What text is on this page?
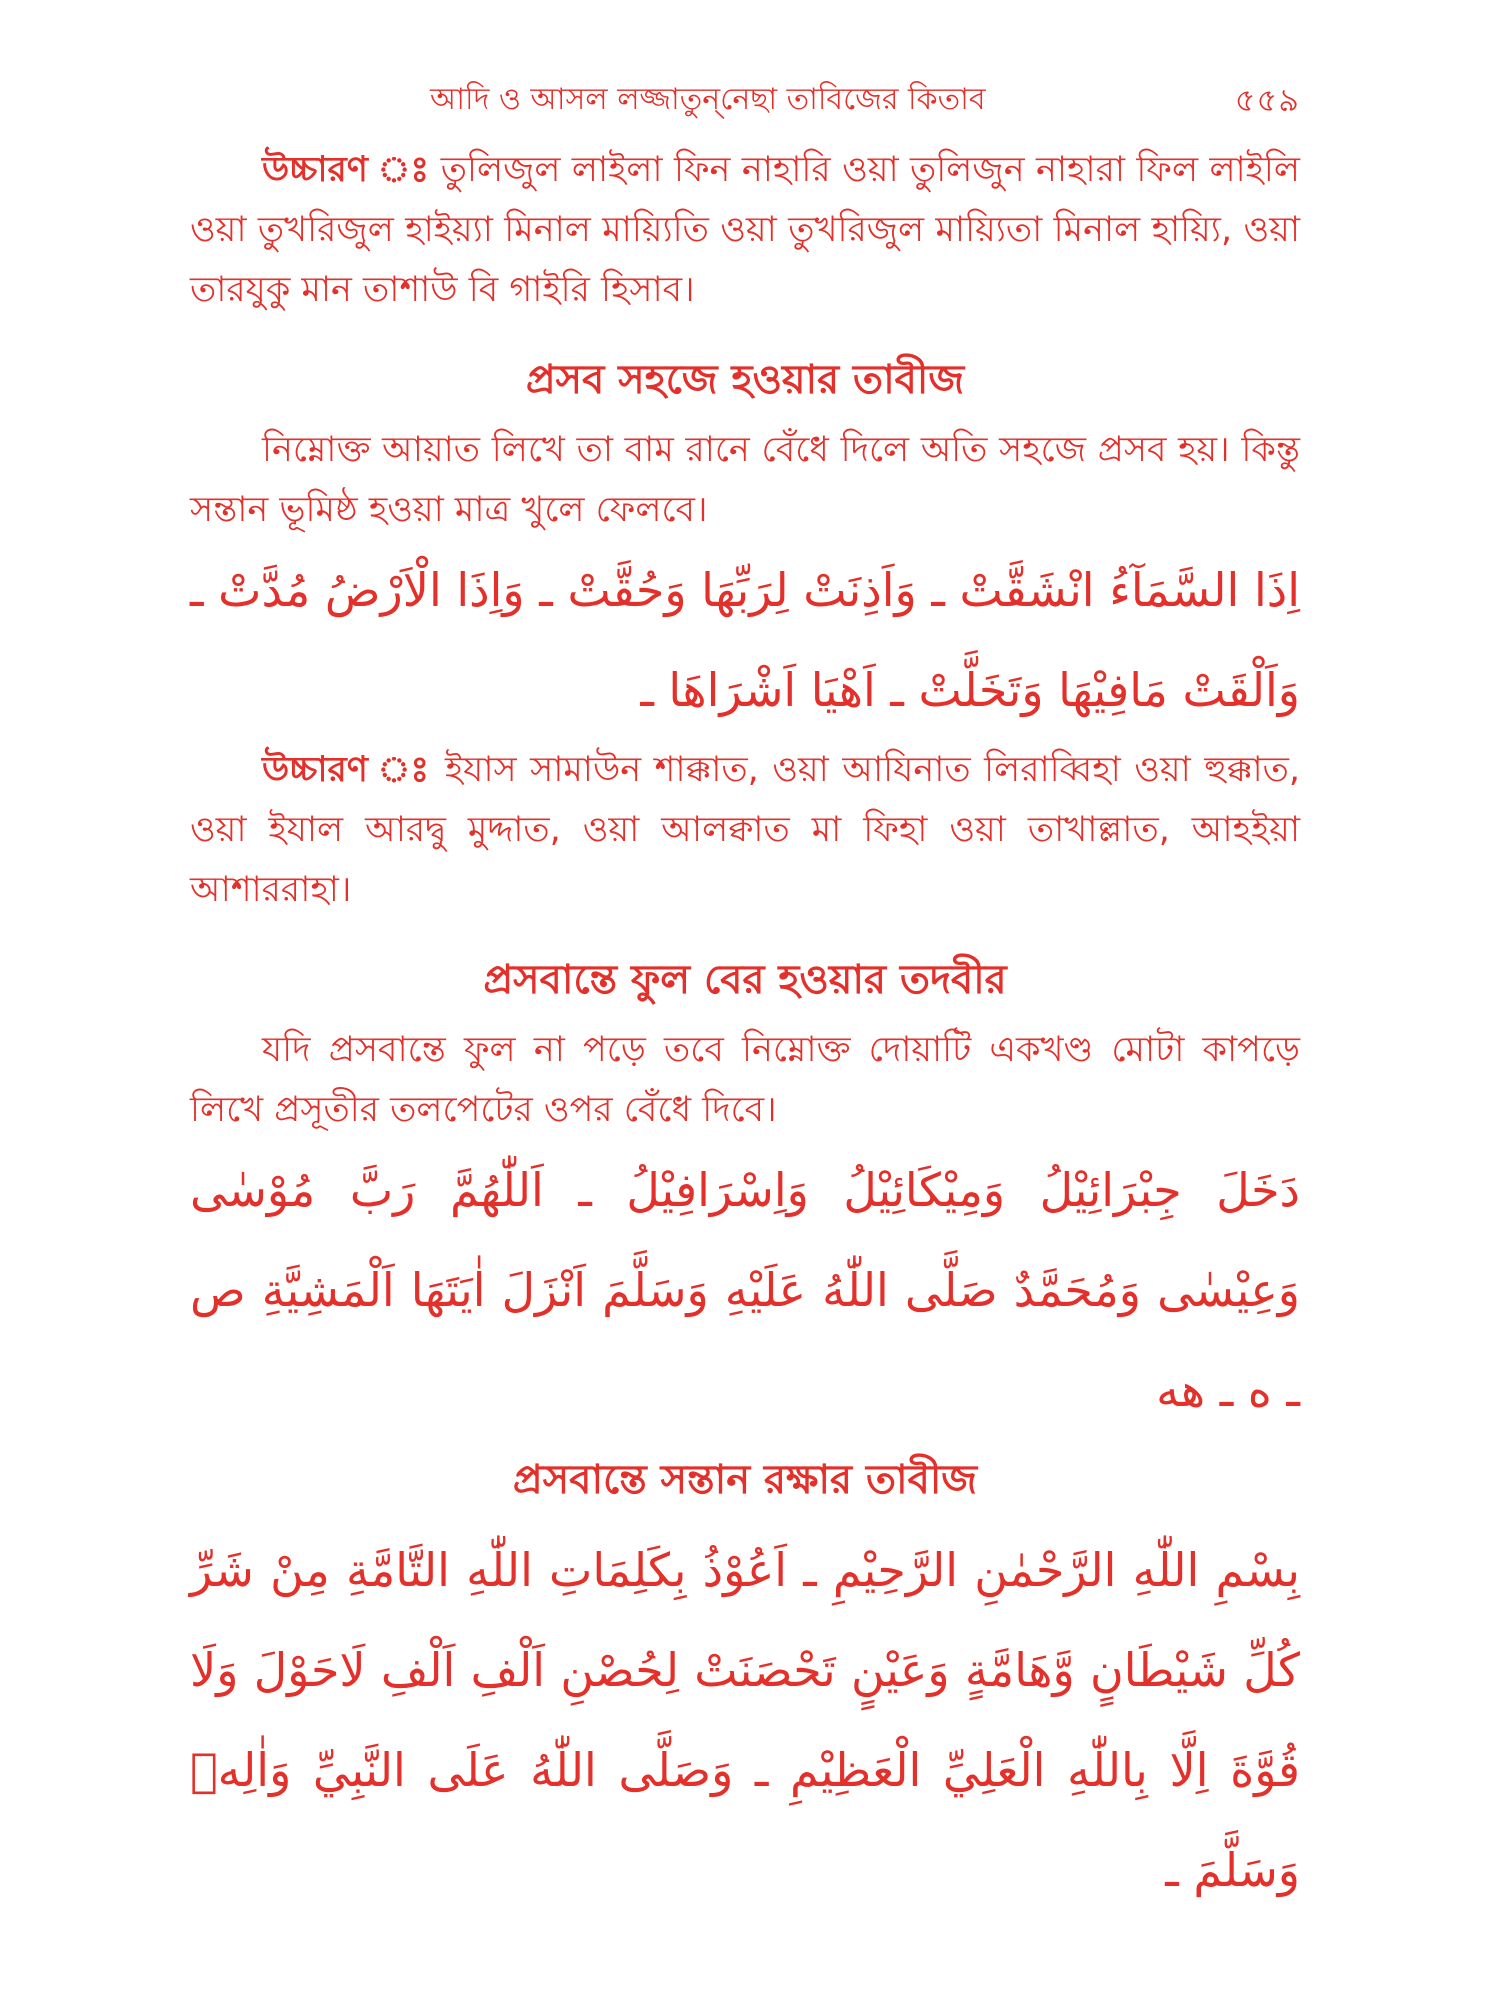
আদি ও আসল লজ্জাতুন্‌নেছা তাবিজের কিতাব	৫৫৯

উচ্চারণ ঃ তুলিজুল লাইলা ফিন নাহারি ওয়া তুলিজুন নাহারা ফিল লাইলি ওয়া তুখরিজুল হাইয়্যা মিনাল মায়্যিতি ওয়া তুখরিজুল মায়্যিতা মিনাল হায়্যি, ওয়া তারযুকু মান তাশাউ বি গাইরি হিসাব।

প্রসব সহজে হওয়ার তাবীজ

নিম্নোক্ত আয়াত লিখে তা বাম রানে বেঁধে দিলে অতি সহজে প্রসব হয়। কিন্তু সন্তান ভূমিষ্ঠ হওয়া মাত্র খুলে ফেলবে।

اِذَا السَّمَآءُ انْشَقَّتْ ـ وَاَذِنَتْ لِرَبِّهَا وَحُقَّتْ ـ وَاِذَا الْاَرْضُ مُدَّتْ ـ وَاَلْقَتْ مَافِيْهَا وَتَخَلَّتْ ـ اَهْيَا اَشْرَاهَا ـ

উচ্চারণ ঃ ইযাস সামাউন শাক্কাত, ওয়া আযিনাত লিরাব্বিহা ওয়া হুক্কাত, ওয়া ইযাল আরদ্বু মুদ্দাত, ওয়া আলক্বাত মা ফিহা ওয়া তাখাল্লাত, আহইয়া আশাররাহা।

প্রসবান্তে ফুল বের হওয়ার তদবীর

যদি প্রসবান্তে ফুল না পড়ে তবে নিম্নোক্ত দোয়াটি একখণ্ড মোটা কাপড়ে লিখে প্রসূতীর তলপেটের ওপর বেঁধে দিবে।

دَخَلَ جِبْرَائِيْلُ وَمِيْكَائِيْلُ وَاِسْرَافِيْلُ ـ اَللّٰهُمَّ رَبَّ مُوْسٰى وَعِيْسٰى وَمُحَمَّدٌ صَلَّى اللّٰهُ عَلَيْهِ وَسَلَّمَ اَنْزَلَ اٰيَتَهَا اَلْمَشِيَّةِ ص ـ ه ـ هه

প্রসবান্তে সন্তান রক্ষার তাবীজ

بِسْمِ اللّٰهِ الرَّحْمٰنِ الرَّحِيْمِ ـ اَعُوْذُ بِكَلِمَاتِ اللّٰهِ التَّامَّةِ مِنْ شَرِّ كُلِّ شَيْطَانٍ وَّهَامَّةٍ وَعَيْنٍ تَحْصَنَتْ لِحُصْنِ اَلْفِ اَلْفِ لَاحَوْلَ وَلَا قُوَّةَ اِلَّا بِاللّٰهِ الْعَلِيِّ الْعَظِيْمِ ـ وَصَلَّى اللّٰهُ عَلَى النَّبِيِّ وَاٰلِهٖ وَسَلَّمَ ـ
